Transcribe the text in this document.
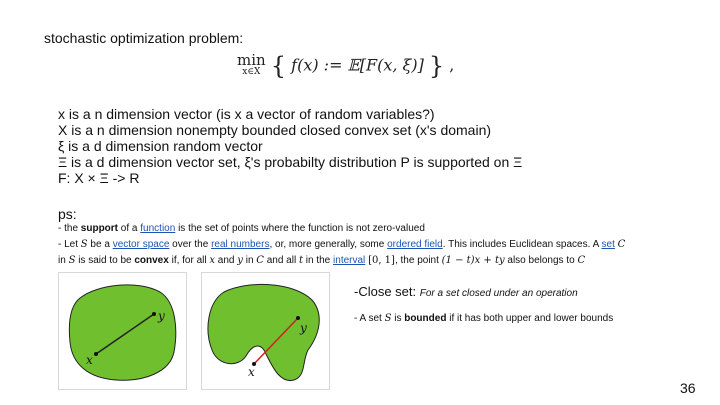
stochastic optimization problem:
min
x∈X { f(x) := 𝔼[F(x, ξ)] } ,
x is a n dimension vector (is x a vector of random variables?)
X is a n dimension nonempty bounded closed convex set (x's domain)
ξ is a d dimension random vector
Ξ is a d dimension vector set, ξ's probabilty distribution P is supported on Ξ
F: X × Ξ -> R
ps:
- the support of a function is the set of points where the function is not zero-valued
- Let S be a vector space over the real numbers, or, more generally, some ordered field. This includes Euclidean spaces. A set C
in S is said to be convex if, for all x and y in C and all t in the interval [0, 1], the point (1 − t)x + ty also belongs to C
x
y
x
y
-Close set: For a set closed under an operation
- A set S is bounded if it has both upper and lower bounds
36
